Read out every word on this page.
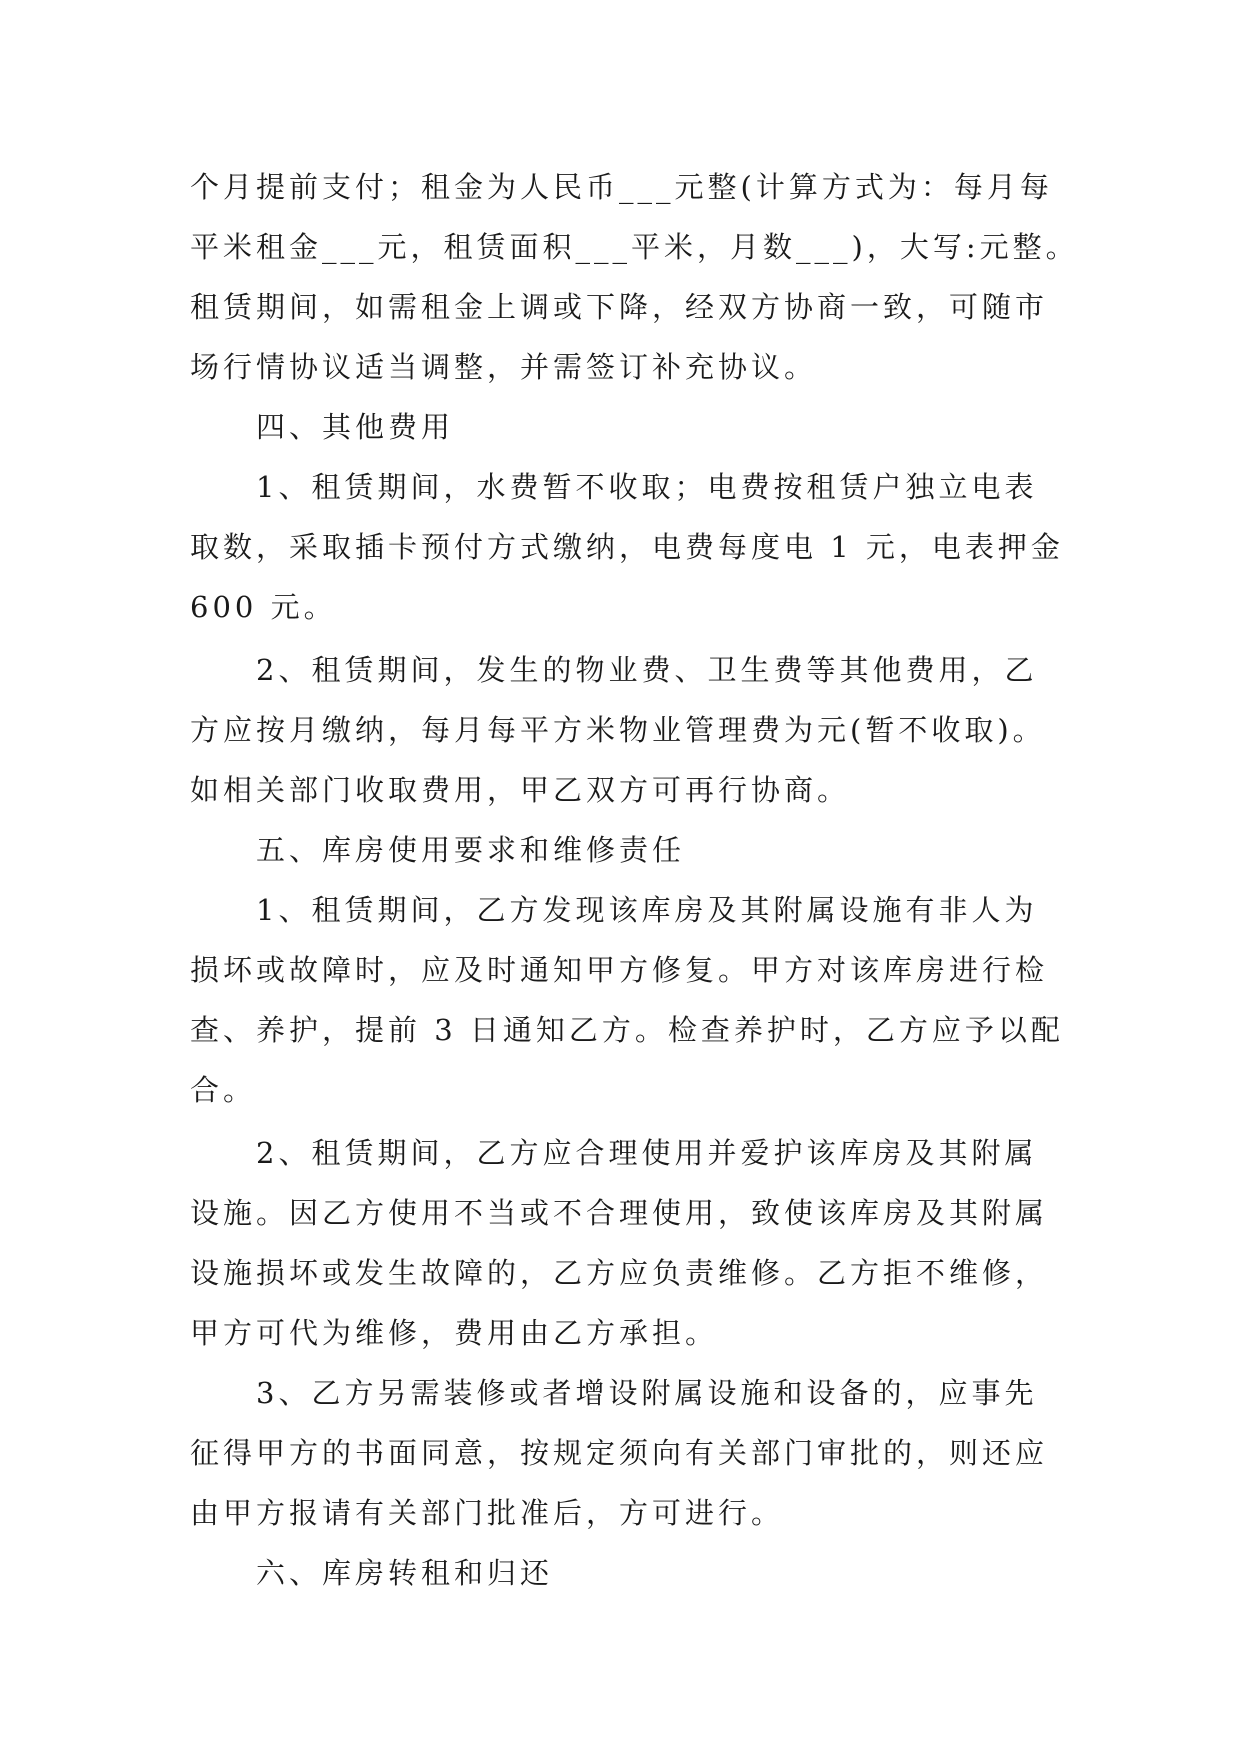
个月提前支付；租金为人民币___元整(计算方式为：每月每
平米租金___元，租赁面积___平米，月数___)，大写:元整。
租赁期间，如需租金上调或下降，经双方协商一致，可随市
场行情协议适当调整，并需签订补充协议。
　　四、其他费用
　　1、租赁期间，水费暂不收取；电费按租赁户独立电表
取数，采取插卡预付方式缴纳，电费每度电 1 元，电表押金
600 元。
　　2、租赁期间，发生的物业费、卫生费等其他费用，乙
方应按月缴纳，每月每平方米物业管理费为元(暂不收取)。
如相关部门收取费用，甲乙双方可再行协商。
　　五、库房使用要求和维修责任
　　1、租赁期间，乙方发现该库房及其附属设施有非人为
损坏或故障时，应及时通知甲方修复。甲方对该库房进行检
查、养护，提前 3 日通知乙方。检查养护时，乙方应予以配
合。
　　2、租赁期间，乙方应合理使用并爱护该库房及其附属
设施。因乙方使用不当或不合理使用，致使该库房及其附属
设施损坏或发生故障的，乙方应负责维修。乙方拒不维修，
甲方可代为维修，费用由乙方承担。
　　3、乙方另需装修或者增设附属设施和设备的，应事先
征得甲方的书面同意，按规定须向有关部门审批的，则还应
由甲方报请有关部门批准后，方可进行。
　　六、库房转租和归还
